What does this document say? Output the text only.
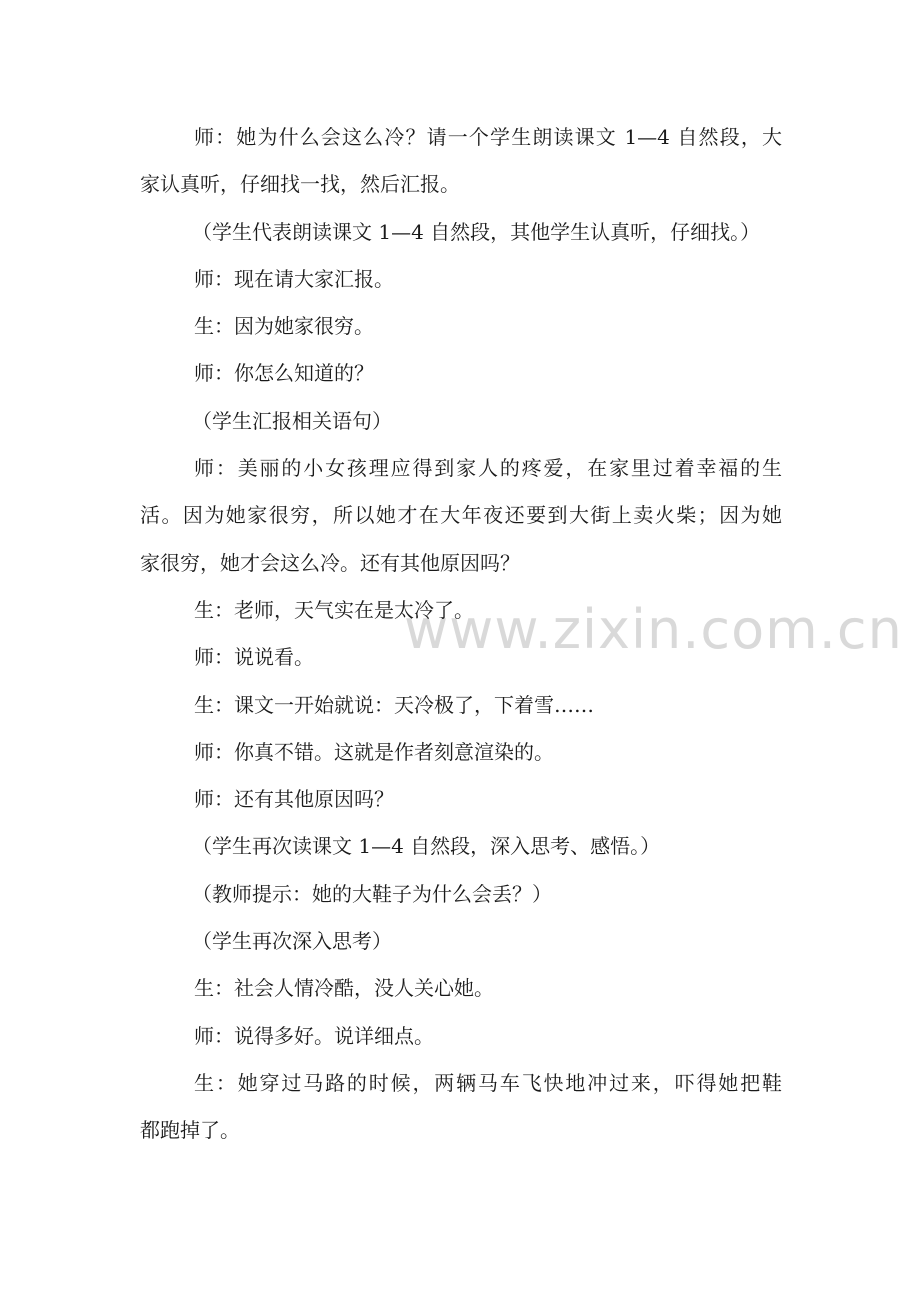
www.zixin.com.cn
师：她为什么会这么冷？请一个学生朗读课文 1—4 自然段，大
家认真听，仔细找一找，然后汇报。
（学生代表朗读课文 1—4 自然段，其他学生认真听，仔细找。）
师：现在请大家汇报。
生：因为她家很穷。
师：你怎么知道的？
（学生汇报相关语句）
师：美丽的小女孩理应得到家人的疼爱，在家里过着幸福的生
活。因为她家很穷，所以她才在大年夜还要到大街上卖火柴；因为她
家很穷，她才会这么冷。还有其他原因吗？
生：老师，天气实在是太冷了。
师：说说看。
生：课文一开始就说：天冷极了，下着雪……
师：你真不错。这就是作者刻意渲染的。
师：还有其他原因吗？
（学生再次读课文 1—4 自然段，深入思考、感悟。）
（教师提示：她的大鞋子为什么会丢？）
（学生再次深入思考）
生：社会人情冷酷，没人关心她。
师：说得多好。说详细点。
生：她穿过马路的时候，两辆马车飞快地冲过来，吓得她把鞋
都跑掉了。
